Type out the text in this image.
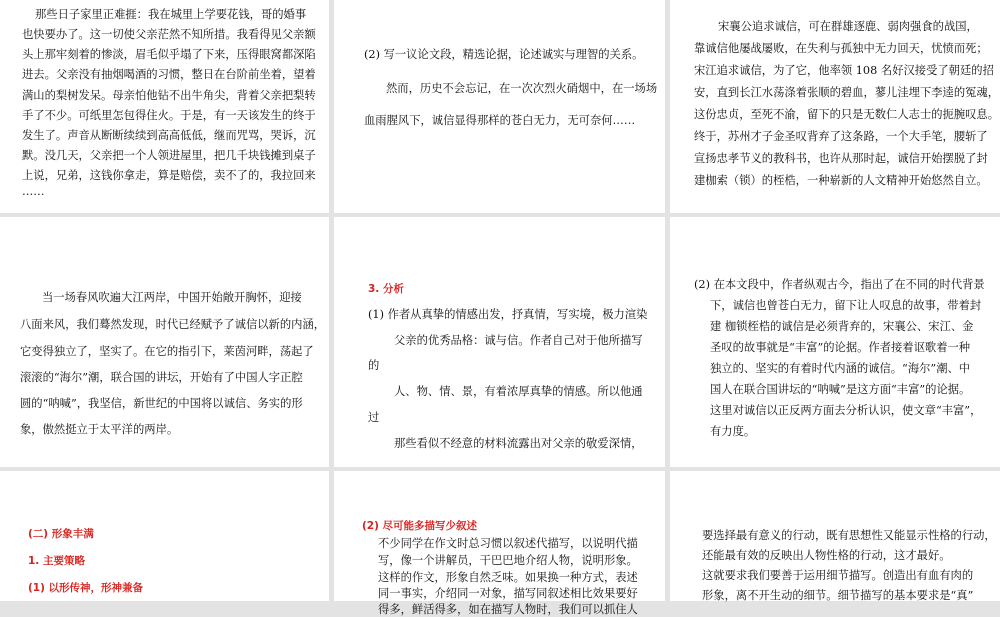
那些日子家里正难捱：我在城里上学要花钱，哥的婚事
也快要办了。这一切使父亲茫然不知所措。我看得见父亲额
头上那牢刻着的惨淡，眉毛似乎塌了下来，压得眼窝都深陷
进去。父亲没有抽烟喝酒的习惯，整日在台阶前坐着，望着
满山的梨树发呆。母亲怕他钻不出牛角尖，背着父亲把梨转
手了不少。可纸里怎包得住火。于是，有一天该发生的终于
发生了。声音从断断续续到高高低低，继而咒骂，哭诉，沉
默。没几天，父亲把一个人领进屋里，把几千块钱摊到桌子
上说，兄弟，这钱你拿走，算是赔偿，卖不了的，我拉回来
……
(2) 写一议论文段，精选论据，论述诚实与理智的关系。
然而，历史不会忘记，在一次次烈火硝烟中，在一场场
血雨腥风下，诚信显得那样的苍白无力，无可奈何……
宋襄公追求诚信，可在群雄逐鹿、弱肉强食的战国，
靠诚信他屡战屡败，在失利与孤独中无力回天，忧愤而死；
宋江追求诚信，为了它，他率领 108 名好汉接受了朝廷的招
安，直到长江水荡涤着张顺的碧血，蓼儿洼埋下李逵的冤魂，
这份忠贞，至死不渝，留下的只是无数仁人志士的扼腕叹息。
终于，苏州才子金圣叹背弃了这条路，一个大手笔，腰斩了
宣扬忠孝节义的教科书，也许从那时起，诚信开始摆脱了封
建枷索（锁）的桎梏，一种崭新的人文精神开始悠然自立。
当一场春风吹遍大江两岸，中国开始敞开胸怀，迎接
八面来风，我们蓦然发现，时代已经赋予了诚信以新的内涵，
它变得独立了，坚实了。在它的指引下，莱茵河畔，荡起了
滚滚的“海尔”潮，联合国的讲坛，开始有了中国人字正腔
圆的“呐喊”，我坚信，新世纪的中国将以诚信、务实的形
象，傲然挺立于太平洋的两岸。
3. 分析
(1) 作者从真挚的情感出发，抒真情，写实境，极力渲染
父亲的优秀品格：诚与信。作者自己对于他所描写
的
人、物、情、景，有着浓厚真挚的情感。所以他通
过
那些看似不经意的材料流露出对父亲的敬爱深情，
(2) 在本文段中，作者纵观古今，指出了在不同的时代背景
下，诚信也曾苍白无力，留下让人叹息的故事，带着封
建 枷锁桎梏的诚信是必须背弃的，宋襄公、宋江、金
圣叹的故事就是“丰富”的论据。作者接着讴歌着一种
独立的、坚实的有着时代内涵的诚信。“海尔”潮、中
国人在联合国讲坛的“呐喊”是这方面“丰富”的论据。
这里对诚信以正反两方面去分析认识，使文章“丰富”，
有力度。
(二) 形象丰满
1. 主要策略
(1) 以形传神，形神兼备
(2) 尽可能多描写少叙述
不少同学在作文时总习惯以叙述代描写，以说明代描
写，像一个讲解员，干巴巴地介绍人物，说明形象。
这样的作文，形象自然乏味。如果换一种方式，表述
同一事实，介绍同一对象，描写同叙述相比效果要好
得多，鲜活得多，如在描写人物时，我们可以抓住人
要选择最有意义的行动，既有思想性又能显示性格的行动，
还能最有效的反映出人物性格的行动，这才最好。
这就要求我们要善于运用细节描写。创造出有血有肉的
形象，离不开生动的细节。细节描写的基本要求是“真”
